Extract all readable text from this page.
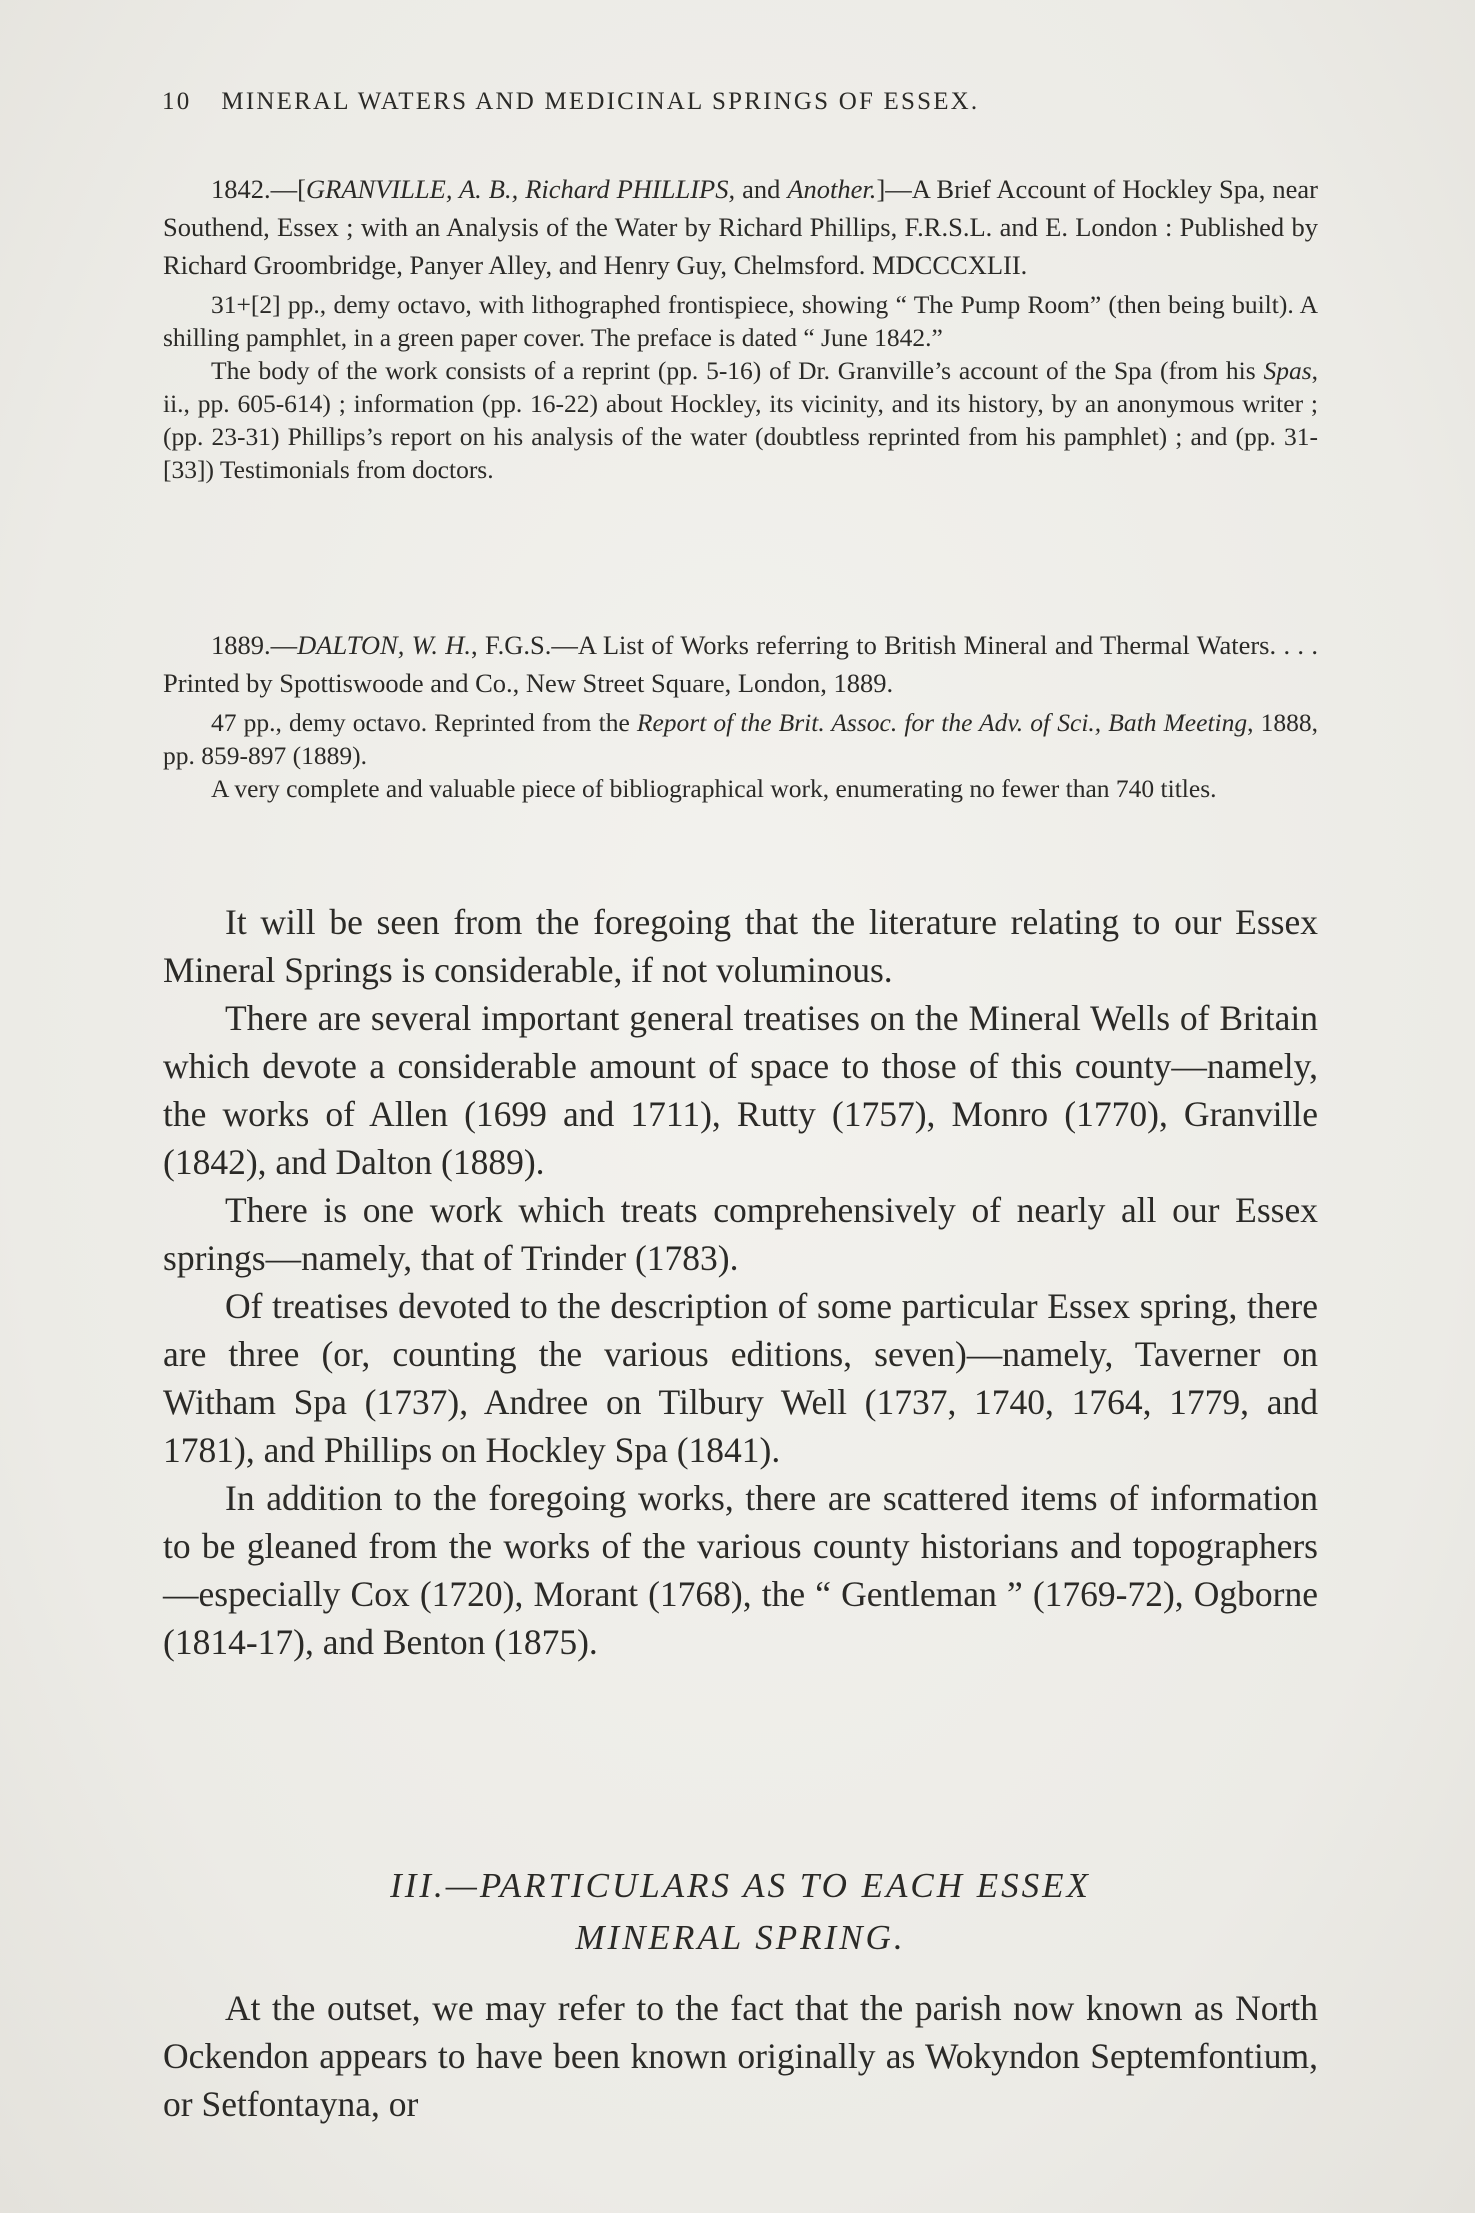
10 MINERAL WATERS AND MEDICINAL SPRINGS OF ESSEX.

1842.—[GRANVILLE, A. B., Richard PHILLIPS, and Another.]—A Brief Account of Hockley Spa, near Southend, Essex ; with an Analysis of the Water by Richard Phillips, F.R.S.L. and E. London : Published by Richard Groombridge, Panyer Alley, and Henry Guy, Chelmsford. MDCCCXLII.

31+[2] pp., demy octavo, with lithographed frontispiece, showing “ The Pump Room” (then being built). A shilling pamphlet, in a green paper cover. The preface is dated “ June 1842.”

The body of the work consists of a reprint (pp. 5-16) of Dr. Granville’s account of the Spa (from his Spas, ii., pp. 605-614) ; information (pp. 16-22) about Hockley, its vicinity, and its history, by an anonymous writer ; (pp. 23-31) Phillips’s report on his analysis of the water (doubtless reprinted from his pamphlet) ; and (pp. 31-[33]) Testimonials from doctors.

1889.—DALTON, W. H., F.G.S.—A List of Works referring to British Mineral and Thermal Waters. . . . Printed by Spottiswoode and Co., New Street Square, London, 1889.

47 pp., demy octavo. Reprinted from the Report of the Brit. Assoc. for the Adv. of Sci., Bath Meeting, 1888, pp. 859-897 (1889).

A very complete and valuable piece of bibliographical work, enumerating no fewer than 740 titles.

It will be seen from the foregoing that the literature relating to our Essex Mineral Springs is considerable, if not voluminous.

There are several important general treatises on the Mineral Wells of Britain which devote a considerable amount of space to those of this county—namely, the works of Allen (1699 and 1711), Rutty (1757), Monro (1770), Granville (1842), and Dalton (1889).

There is one work which treats comprehensively of nearly all our Essex springs—namely, that of Trinder (1783).

Of treatises devoted to the description of some particular Essex spring, there are three (or, counting the various editions, seven)—namely, Taverner on Witham Spa (1737), Andree on Tilbury Well (1737, 1740, 1764, 1779, and 1781), and Phillips on Hockley Spa (1841).

In addition to the foregoing works, there are scattered items of information to be gleaned from the works of the various county historians and topographers—especially Cox (1720), Morant (1768), the “ Gentleman ” (1769-72), Ogborne (1814-17), and Benton (1875).

III.—PARTICULARS AS TO EACH ESSEX
MINERAL SPRING.

At the outset, we may refer to the fact that the parish now known as North Ockendon appears to have been known originally as Wokyndon Septemfontium, or Setfontayna, or
